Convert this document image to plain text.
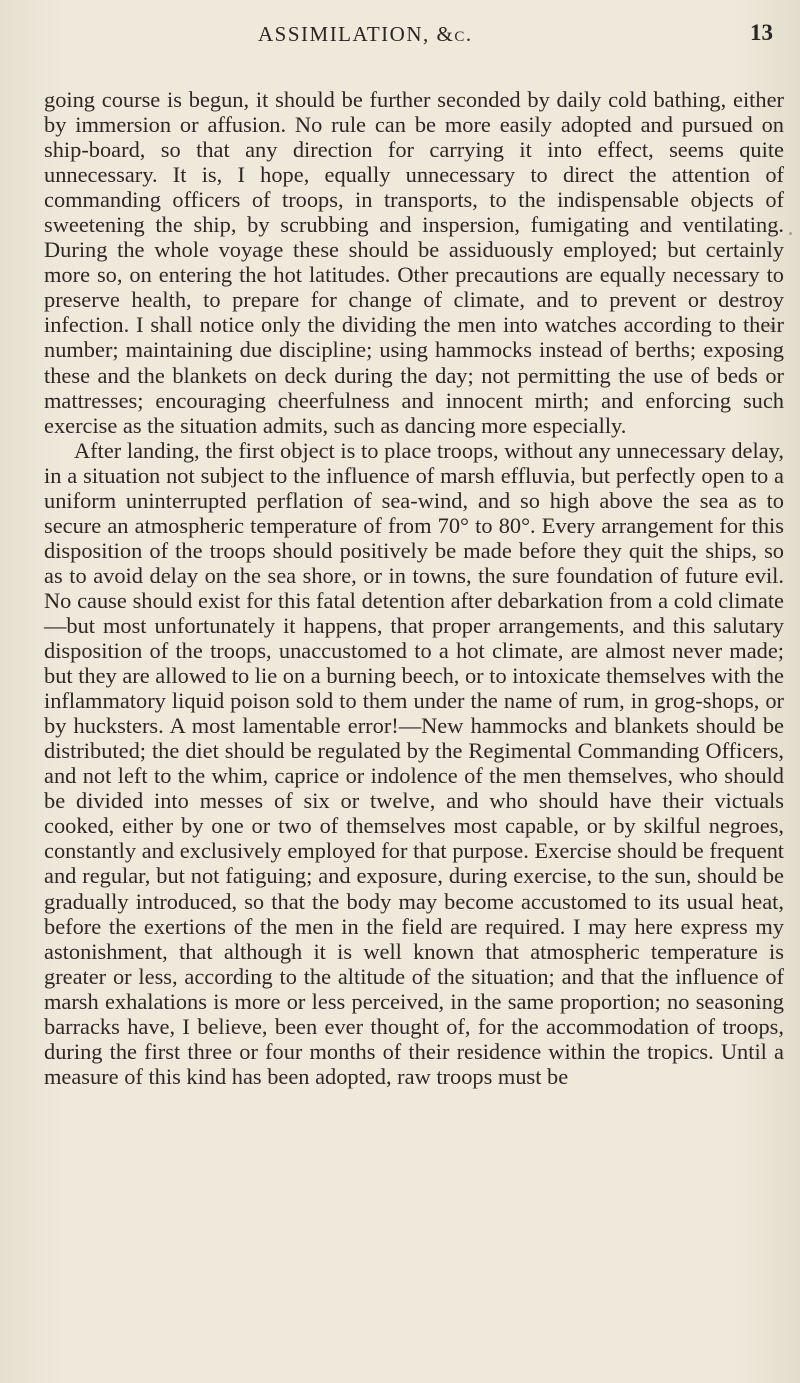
ASSIMILATION, &c.	13

going course is begun, it should be further seconded by daily cold bathing, either by immersion or affusion. No rule can be more easily adopted and pursued on ship-board, so that any direction for carrying it into effect, seems quite unnecessary. It is, I hope, equally unnecessary to direct the attention of commanding officers of troops, in transports, to the indispensable objects of sweetening the ship, by scrubbing and inspersion, fumigating and ventilating. During the whole voyage these should be assiduously employed; but certainly more so, on entering the hot latitudes. Other precautions are equally necessary to preserve health, to prepare for change of climate, and to prevent or destroy infection. I shall notice only the dividing the men into watches according to their number; maintaining due discipline; using hammocks instead of berths; exposing these and the blankets on deck during the day; not permitting the use of beds or mattresses; encouraging cheerfulness and innocent mirth; and enforcing such exercise as the situation admits, such as dancing more especially.

After landing, the first object is to place troops, without any unnecessary delay, in a situation not subject to the influence of marsh effluvia, but perfectly open to a uniform uninterrupted perflation of sea-wind, and so high above the sea as to secure an atmospheric temperature of from 70° to 80°. Every arrangement for this disposition of the troops should positively be made before they quit the ships, so as to avoid delay on the sea shore, or in towns, the sure foundation of future evil. No cause should exist for this fatal detention after debarkation from a cold climate—but most unfortunately it happens, that proper arrangements, and this salutary disposition of the troops, unaccustomed to a hot climate, are almost never made; but they are allowed to lie on a burning beech, or to intoxicate themselves with the inflammatory liquid poison sold to them under the name of rum, in grog-shops, or by hucksters. A most lamentable error!—New hammocks and blankets should be distributed; the diet should be regulated by the Regimental Commanding Officers, and not left to the whim, caprice or indolence of the men themselves, who should be divided into messes of six or twelve, and who should have their victuals cooked, either by one or two of themselves most capable, or by skilful negroes, constantly and exclusively employed for that purpose. Exercise should be frequent and regular, but not fatiguing; and exposure, during exercise, to the sun, should be gradually introduced, so that the body may become accustomed to its usual heat, before the exertions of the men in the field are required. I may here express my astonishment, that although it is well known that atmospheric temperature is greater or less, according to the altitude of the situation; and that the influence of marsh exhalations is more or less perceived, in the same proportion; no seasoning barracks have, I believe, been ever thought of, for the accommodation of troops, during the first three or four months of their residence within the tropics. Until a measure of this kind has been adopted, raw troops must be
